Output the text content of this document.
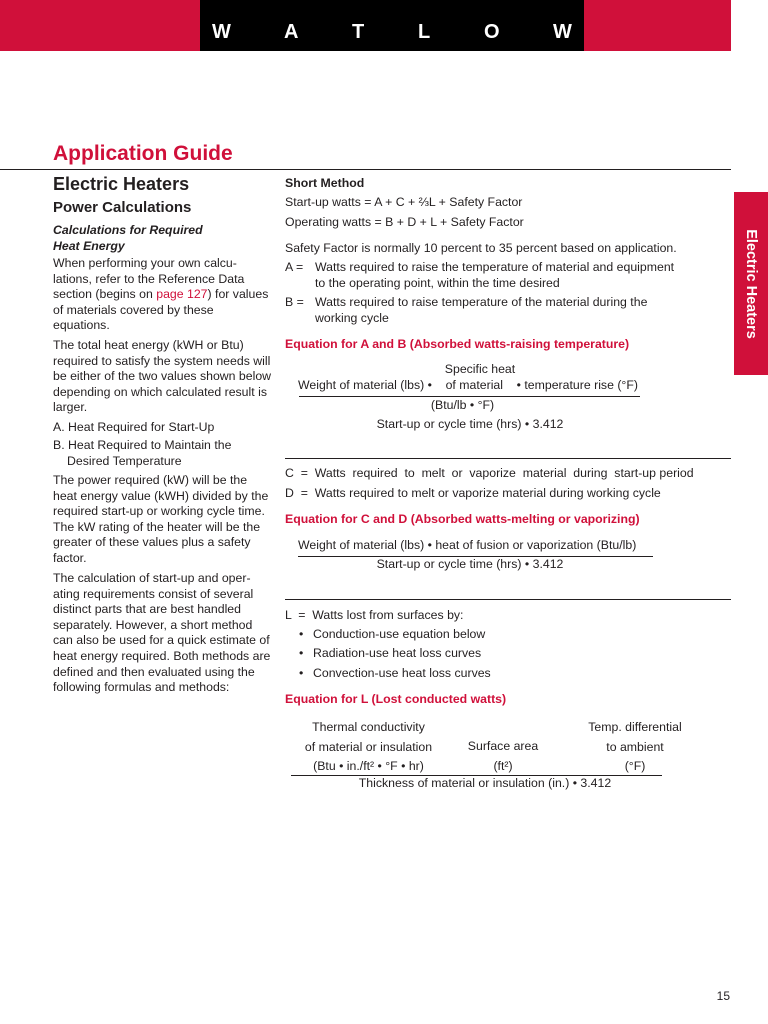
W	A	T	L	O	W
Application Guide
Electric Heaters
Electric Heaters
Power Calculations
Calculations for Required Heat Energy
When performing your own calcu-lations, refer to the Reference Data section (begins on page 127) for values of materials covered by these equations.
The total heat energy (kWH or Btu) required to satisfy the system needs will be either of the two values shown below depending on which calculated result is larger.
A. Heat Required for Start-Up
B. Heat Required to Maintain the
Desired Temperature
The power required (kW) will be the heat energy value (kWH) divided by the required start-up or working cycle time. The kW rating of the heater will be the greater of these values plus a safety factor.
The calculation of start-up and oper-ating requirements consist of several distinct parts that are best handled separately. However, a short method can also be used for a quick estimate of heat energy required. Both methods are defined and then evaluated using the following formulas and methods:
Short Method
Start-up watts = A + C + ⅔L + Safety Factor
Operating watts = B + D + L + Safety Factor
Safety Factor is normally 10 percent to 35 percent based on application.
A = Watts required to raise the temperature of material and equipment
to the operating point, within the time desired
B = Watts required to raise temperature of the material during the
working cycle
Equation for A and B (Absorbed watts-raising temperature)
Specific heat
Weight of material (lbs) •    of material    • temperature rise (°F)
(Btu/lb • °F)
Start-up or cycle time (hrs) • 3.412
C  =  Watts  required  to  melt  or  vaporize  material  during  start-up period
D  =  Watts required to melt or vaporize material during working cycle
Equation for C and D (Absorbed watts-melting or vaporizing)
Weight of material (lbs) • heat of fusion or vaporization (Btu/lb)
Start-up or cycle time (hrs) • 3.412
L  =  Watts lost from surfaces by:
• Conduction-use equation below
• Radiation-use heat loss curves
• Convection-use heat loss curves
Equation for L (Lost conducted watts)
Thermal conductivity
of material or insulation
(Btu • in./ft² • °F • hr)
Surface area
(ft²)
Temp. differential
to ambient
(°F)
Thickness of material or insulation (in.) • 3.412
15
